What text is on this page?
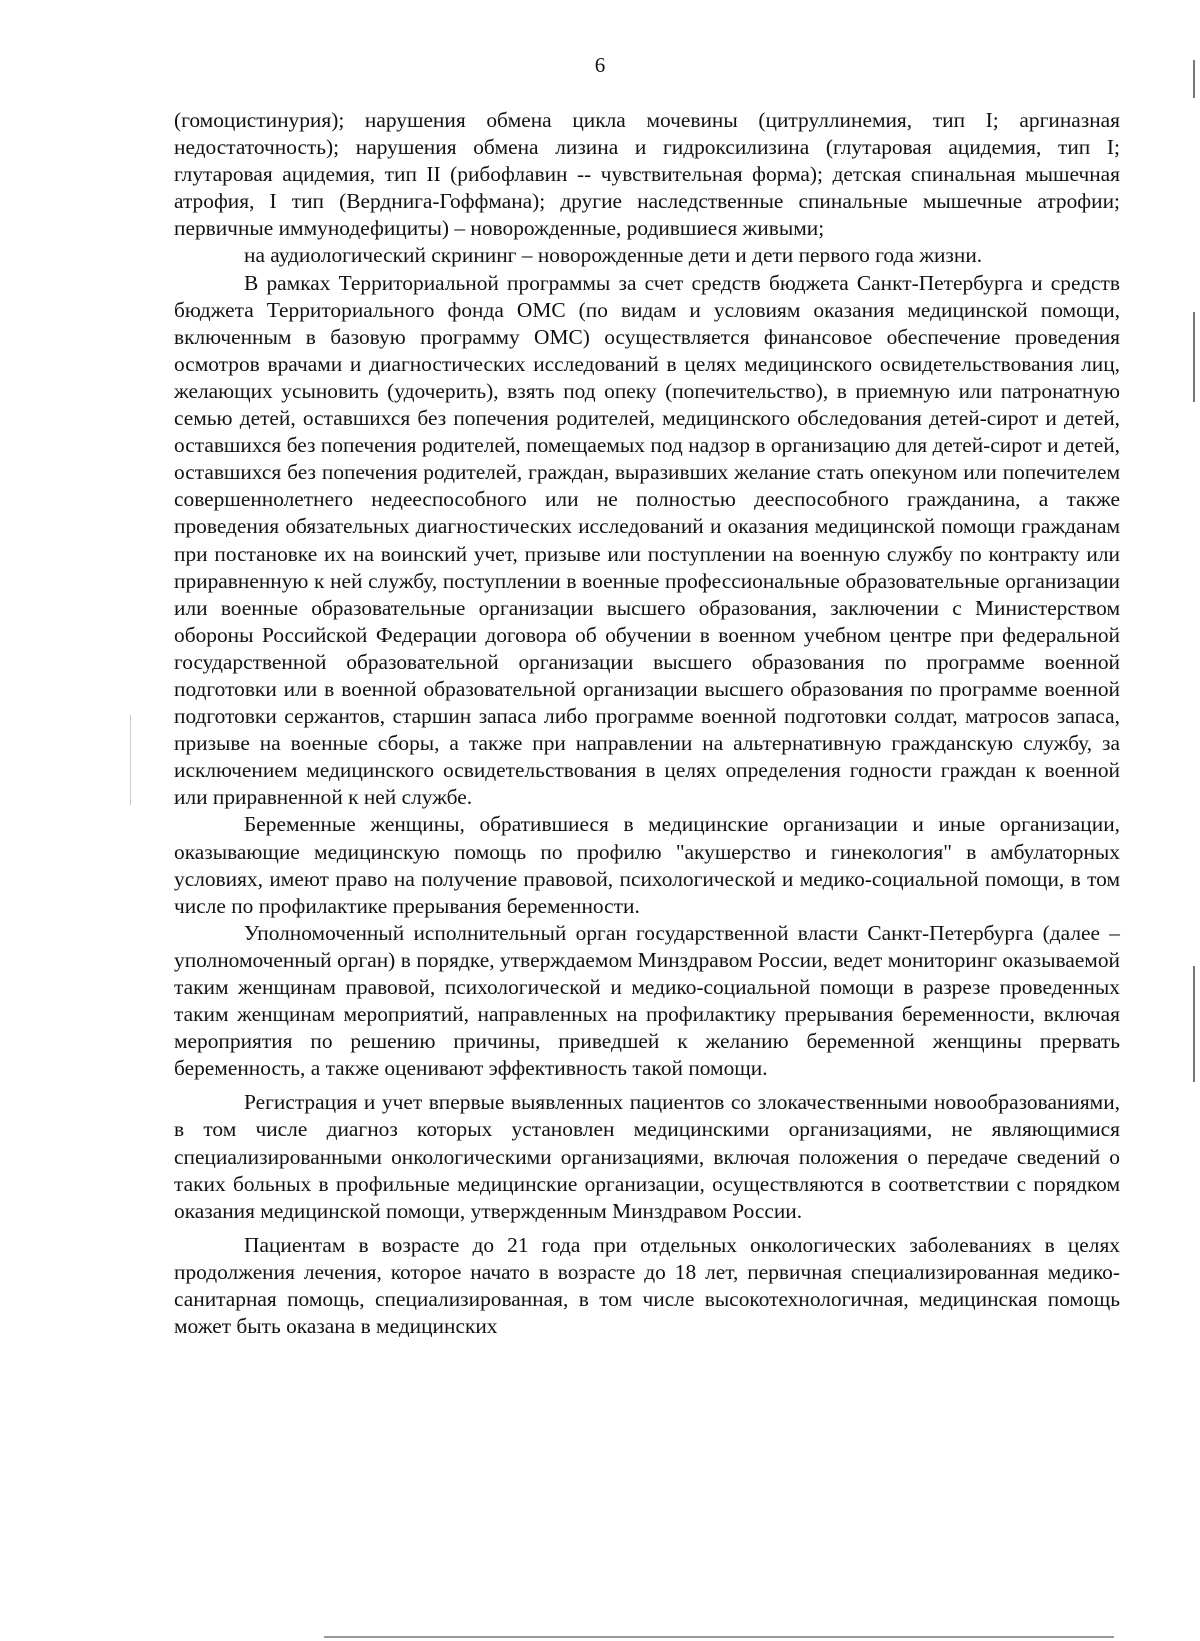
6

(гомоцистинурия); нарушения обмена цикла мочевины (цитруллинемия, тип I; аргиназная недостаточность); нарушения обмена лизина и гидроксилизина (глутаровая ацидемия, тип I; глутаровая ацидемия, тип II (рибофлавин -- чувствительная форма); детская спинальная мышечная атрофия, I тип (Верднига-Гоффмана); другие наследственные спинальные мышечные атрофии; первичные иммунодефициты) – новорожденные, родившиеся живыми;

на аудиологический скрининг – новорожденные дети и дети первого года жизни.

В рамках Территориальной программы за счет средств бюджета Санкт-Петербурга и средств бюджета Территориального фонда ОМС (по видам и условиям оказания медицинской помощи, включенным в базовую программу ОМС) осуществляется финансовое обеспечение проведения осмотров врачами и диагностических исследований в целях медицинского освидетельствования лиц, желающих усыновить (удочерить), взять под опеку (попечительство), в приемную или патронатную семью детей, оставшихся без попечения родителей, медицинского обследования детей-сирот и детей, оставшихся без попечения родителей, помещаемых под надзор в организацию для детей-сирот и детей, оставшихся без попечения родителей, граждан, выразивших желание стать опекуном или попечителем совершеннолетнего недееспособного или не полностью дееспособного гражданина, а также проведения обязательных диагностических исследований и оказания медицинской помощи гражданам при постановке их на воинский учет, призыве или поступлении на военную службу по контракту или приравненную к ней службу, поступлении в военные профессиональные образовательные организации или военные образовательные организации высшего образования, заключении с Министерством обороны Российской Федерации договора об обучении в военном учебном центре при федеральной государственной образовательной организации высшего образования по программе военной подготовки или в военной образовательной организации высшего образования по программе военной подготовки сержантов, старшин запаса либо программе военной подготовки солдат, матросов запаса, призыве на военные сборы, а также при направлении на альтернативную гражданскую службу, за исключением медицинского освидетельствования в целях определения годности граждан к военной или приравненной к ней службе.

Беременные женщины, обратившиеся в медицинские организации и иные организации, оказывающие медицинскую помощь по профилю "акушерство и гинекология" в амбулаторных условиях, имеют право на получение правовой, психологической и медико-социальной помощи, в том числе по профилактике прерывания беременности.

Уполномоченный исполнительный орган государственной власти Санкт-Петербурга (далее – уполномоченный орган) в порядке, утверждаемом Минздравом России, ведет мониторинг оказываемой таким женщинам правовой, психологической и медико-социальной помощи в разрезе проведенных таким женщинам мероприятий, направленных на профилактику прерывания беременности, включая мероприятия по решению причины, приведшей к желанию беременной женщины прервать беременность, а также оценивают эффективность такой помощи.

Регистрация и учет впервые выявленных пациентов со злокачественными новообразованиями, в том числе диагноз которых установлен медицинскими организациями, не являющимися специализированными онкологическими организациями, включая положения о передаче сведений о таких больных в профильные медицинские организации, осуществляются в соответствии с порядком оказания медицинской помощи, утвержденным Минздравом России.

Пациентам в возрасте до 21 года при отдельных онкологических заболеваниях в целях продолжения лечения, которое начато в возрасте до 18 лет, первичная специализированная медико-санитарная помощь, специализированная, в том числе высокотехнологичная, медицинская помощь может быть оказана в медицинских
